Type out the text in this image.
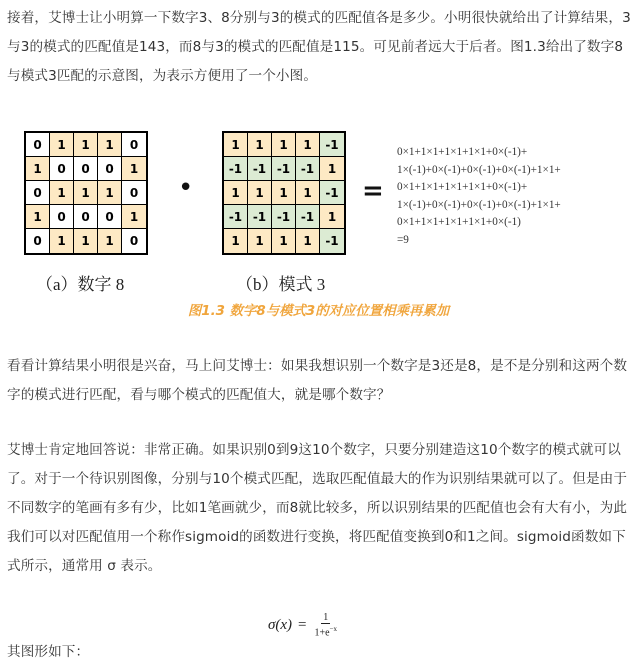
接着，艾博士让小明算一下数字3、8分别与3的模式的匹配值各是多少。小明很快就给出了计算结果，3与3的模式的匹配值是143，而8与3的模式的匹配值是115。可见前者远大于后者。图1.3给出了数字8与模式3匹配的示意图，为表示方便用了一个小图。

0	1	1	1	0
1	0	0	0	1
0	1	1	1	0
1	0	0	0	1
0	1	1	1	0
•
1	1	1	1	-1
-1 -1 -1 -1	1
1	1	1	1	-1
-1 -1 -1 -1	1
1	1	1	1	-1
=
0×1+1×1+1×1+1×1+0×(-1)+
1×(-1)+0×(-1)+0×(-1)+0×(-1)+1×1+
0×1+1×1+1×1+1×1+0×(-1)+
1×(-1)+0×(-1)+0×(-1)+0×(-1)+1×1+
0×1+1×1+1×1+1×1+0×(-1)
=9
（a）数字 8	（b）模式 3
图1.3 数字8与模式3的对应位置相乘再累加

看看计算结果小明很是兴奋，马上问艾博士：如果我想识别一个数字是3还是8，是不是分别和这两个数字的模式进行匹配，看与哪个模式的匹配值大，就是哪个数字？

艾博士肯定地回答说：非常正确。如果识别0到9这10个数字，只要分别建造这10个数字的模式就可以了。对于一个待识别图像，分别与10个模式匹配，选取匹配值最大的作为识别结果就可以了。但是由于不同数字的笔画有多有少，比如1笔画就少，而8就比较多，所以识别结果的匹配值也会有大有小，为此我们可以对匹配值用一个称作sigmoid的函数进行变换，将匹配值变换到0和1之间。sigmoid函数如下式所示，通常用 σ 表示。

$\sigma(x) = \frac{1}{1+e^{-x}}$

其图形如下：
